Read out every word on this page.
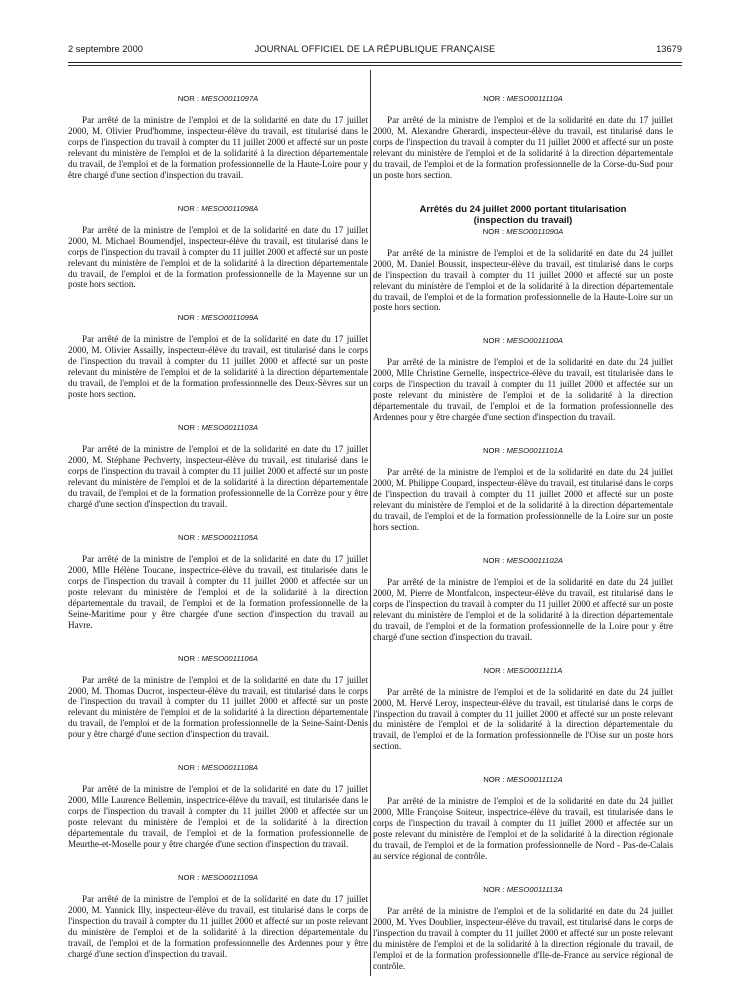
2 septembre 2000	JOURNAL OFFICIEL DE LA RÉPUBLIQUE FRANÇAISE	13679
NOR : MESO0011097A

Par arrêté de la ministre de l'emploi et de la solidarité en date du 17 juillet 2000, M. Olivier Prud'homme, inspecteur-élève du travail, est titularisé dans le corps de l'inspection du travail à compter du 11 juillet 2000 et affecté sur un poste relevant du ministère de l'emploi et de la solidarité à la direction départementale du travail, de l'emploi et de la formation professionnelle de la Haute-Loire pour y être chargé d'une section d'inspection du travail.

NOR : MESO0011098A

Par arrêté de la ministre de l'emploi et de la solidarité en date du 17 juillet 2000, M. Michael Boumendjel, inspecteur-élève du travail, est titularisé dans le corps de l'inspection du travail à compter du 11 juillet 2000 et affecté sur un poste relevant du ministère de l'emploi et de la solidarité à la direction départementale du travail, de l'emploi et de la formation professionnelle de la Mayenne sur un poste hors section.

NOR : MESO0011099A

Par arrêté de la ministre de l'emploi et de la solidarité en date du 17 juillet 2000, M. Olivier Assailly, inspecteur-élève du travail, est titularisé dans le corps de l'inspection du travail à compter du 11 juillet 2000 et affecté sur un poste relevant du ministère de l'emploi et de la solidarité à la direction départementale du travail, de l'emploi et de la formation professionnelle des Deux-Sèvres sur un poste hors section.

NOR : MESO0011103A

Par arrêté de la ministre de l'emploi et de la solidarité en date du 17 juillet 2000, M. Stéphane Pechverty, inspecteur-élève du travail, est titularisé dans le corps de l'inspection du travail à compter du 11 juillet 2000 et affecté sur un poste relevant du ministère de l'emploi et de la solidarité à la direction départementale du travail, de l'emploi et de la formation professionnelle de la Corrèze pour y être chargé d'une section d'inspection du travail.

NOR : MESO0011105A

Par arrêté de la ministre de l'emploi et de la solidarité en date du 17 juillet 2000, Mlle Hélène Toucane, inspectrice-élève du travail, est titularisée dans le corps de l'inspection du travail à compter du 11 juillet 2000 et affectée sur un poste relevant du ministère de l'emploi et de la solidarité à la direction départementale du travail, de l'emploi et de la formation professionnelle de la Seine-Maritime pour y être chargée d'une section d'inspection du travail au Havre.

NOR : MESO0011106A

Par arrêté de la ministre de l'emploi et de la solidarité en date du 17 juillet 2000, M. Thomas Ducrot, inspecteur-élève du travail, est titularisé dans le corps de l'inspection du travail à compter du 11 juillet 2000 et affecté sur un poste relevant du ministère de l'emploi et de la solidarité à la direction départementale du travail, de l'emploi et de la formation professionnelle de la Seine-Saint-Denis pour y être chargé d'une section d'inspection du travail.

NOR : MESO0011108A

Par arrêté de la ministre de l'emploi et de la solidarité en date du 17 juillet 2000, Mlle Laurence Bellemin, inspectrice-élève du travail, est titularisée dans le corps de l'inspection du travail à compter du 11 juillet 2000 et affectée sur un poste relevant du ministère de l'emploi et de la solidarité à la direction départementale du travail, de l'emploi et de la formation professionnelle de Meurthe-et-Moselle pour y être chargée d'une section d'inspection du travail.

NOR : MESO0011109A

Par arrêté de la ministre de l'emploi et de la solidarité en date du 17 juillet 2000, M. Yannick Illy, inspecteur-élève du travail, est titularisé dans le corps de l'inspection du travail à compter du 11 juillet 2000 et affecté sur un poste relevant du ministère de l'emploi et de la solidarité à la direction départementale du travail, de l'emploi et de la formation professionnelle des Ardennes pour y être chargé d'une section d'inspection du travail.

NOR : MESO0011110A

Par arrêté de la ministre de l'emploi et de la solidarité en date du 17 juillet 2000, M. Alexandre Gherardi, inspecteur-élève du travail, est titularisé dans le corps de l'inspection du travail à compter du 11 juillet 2000 et affecté sur un poste relevant du ministère de l'emploi et de la solidarité à la direction départementale du travail, de l'emploi et de la formation professionnelle de la Corse-du-Sud pour un poste hors section.

Arrêtés du 24 juillet 2000 portant titularisation
(inspection du travail)
NOR : MESO0011090A

Par arrêté de la ministre de l'emploi et de la solidarité en date du 24 juillet 2000, M. Daniel Boussit, inspecteur-élève du travail, est titularisé dans le corps de l'inspection du travail à compter du 11 juillet 2000 et affecté sur un poste relevant du ministère de l'emploi et de la solidarité à la direction départementale du travail, de l'emploi et de la formation professionnelle de la Haute-Loire sur un poste hors section.

NOR : MESO0011100A

Par arrêté de la ministre de l'emploi et de la solidarité en date du 24 juillet 2000, Mlle Christine Gernelle, inspectrice-élève du travail, est titularisée dans le corps de l'inspection du travail à compter du 11 juillet 2000 et affectée sur un poste relevant du ministère de l'emploi et de la solidarité à la direction départementale du travail, de l'emploi et de la formation professionnelle des Ardennes pour y être chargée d'une section d'inspection du travail.

NOR : MESO0011101A

Par arrêté de la ministre de l'emploi et de la solidarité en date du 24 juillet 2000, M. Philippe Coupard, inspecteur-élève du travail, est titularisé dans le corps de l'inspection du travail à compter du 11 juillet 2000 et affecté sur un poste relevant du ministère de l'emploi et de la solidarité à la direction départementale du travail, de l'emploi et de la formation professionnelle de la Loire sur un poste hors section.

NOR : MESO0011102A

Par arrêté de la ministre de l'emploi et de la solidarité en date du 24 juillet 2000, M. Pierre de Montfalcon, inspecteur-élève du travail, est titularisé dans le corps de l'inspection du travail à compter du 11 juillet 2000 et affecté sur un poste relevant du ministère de l'emploi et de la solidarité à la direction départementale du travail, de l'emploi et de la formation professionnelle de la Loire pour y être chargé d'une section d'inspection du travail.

NOR : MESO0011111A

Par arrêté de la ministre de l'emploi et de la solidarité en date du 24 juillet 2000, M. Hervé Leroy, inspecteur-élève du travail, est titularisé dans le corps de l'inspection du travail à compter du 11 juillet 2000 et affecté sur un poste relevant du ministère de l'emploi et de la solidarité à la direction départementale du travail, de l'emploi et de la formation professionnelle de l'Oise sur un poste hors section.

NOR : MESO0011112A

Par arrêté de la ministre de l'emploi et de la solidarité en date du 24 juillet 2000, Mlle Françoise Soiteur, inspectrice-élève du travail, est titularisée dans le corps de l'inspection du travail à compter du 11 juillet 2000 et affectée sur un poste relevant du ministère de l'emploi et de la solidarité à la direction régionale du travail, de l'emploi et de la formation professionnelle de Nord - Pas-de-Calais au service régional de contrôle.

NOR : MESO0011113A

Par arrêté de la ministre de l'emploi et de la solidarité en date du 24 juillet 2000, M. Yves Doublier, inspecteur-élève du travail, est titularisé dans le corps de l'inspection du travail à compter du 11 juillet 2000 et affecté sur un poste relevant du ministère de l'emploi et de la solidarité à la direction régionale du travail, de l'emploi et de la formation professionnelle d'Ile-de-France au service régional de contrôle.
